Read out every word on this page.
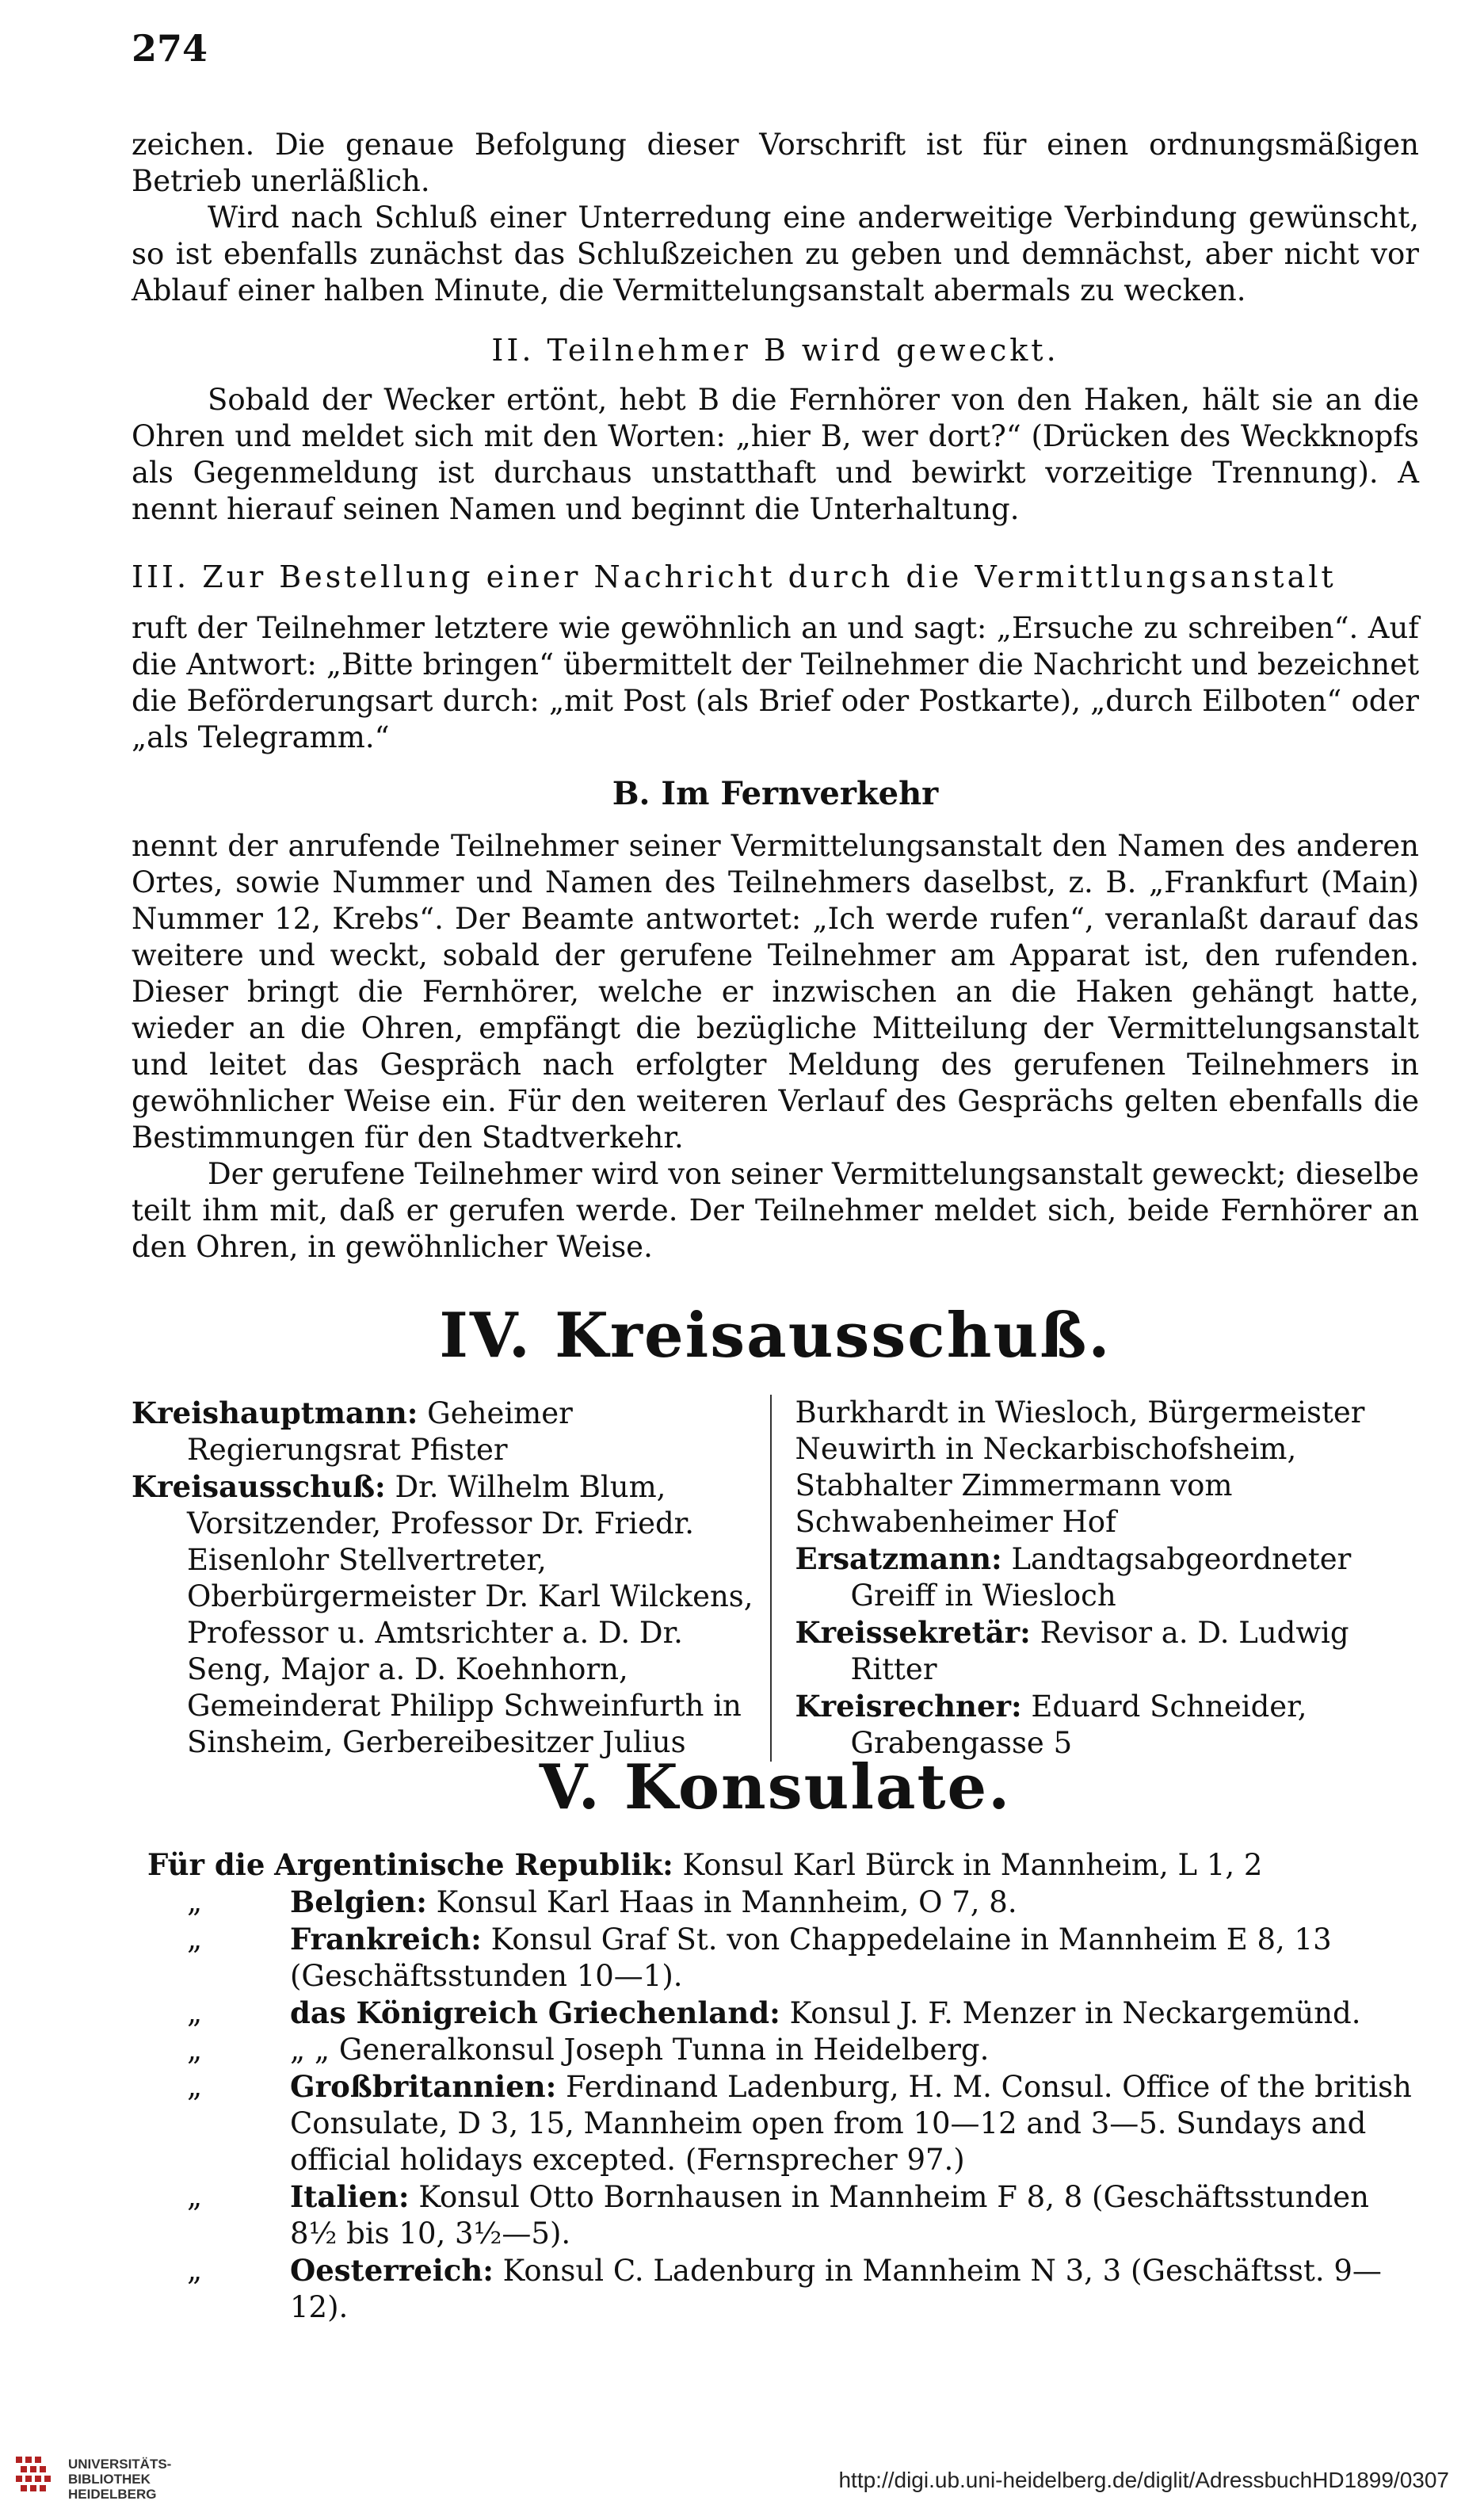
274

zeichen. Die genaue Befolgung dieser Vorschrift ist für einen ordnungsmäßigen Betrieb unerläßlich.

Wird nach Schluß einer Unterredung eine anderweitige Verbindung gewünscht, so ist ebenfalls zunächst das Schlußzeichen zu geben und demnächst, aber nicht vor Ablauf einer halben Minute, die Vermittelungsanstalt abermals zu wecken.

II. Teilnehmer B wird geweckt.

Sobald der Wecker ertönt, hebt B die Fernhörer von den Haken, hält sie an die Ohren und meldet sich mit den Worten: „hier B, wer dort?“ (Drücken des Weckknopfs als Gegenmeldung ist durchaus unstatthaft und bewirkt vorzeitige Trennung). A nennt hierauf seinen Namen und beginnt die Unterhaltung.

III. Zur Bestellung einer Nachricht durch die Vermittlungsanstalt

ruft der Teilnehmer letztere wie gewöhnlich an und sagt: „Ersuche zu schreiben“. Auf die Antwort: „Bitte bringen“ übermittelt der Teilnehmer die Nachricht und bezeichnet die Beförderungsart durch: „mit Post (als Brief oder Postkarte), „durch Eilboten“ oder „als Telegramm.“

B. Im Fernverkehr

nennt der anrufende Teilnehmer seiner Vermittelungsanstalt den Namen des anderen Ortes, sowie Nummer und Namen des Teilnehmers daselbst, z. B. „Frankfurt (Main) Nummer 12, Krebs“. Der Beamte antwortet: „Ich werde rufen“, veranlaßt darauf das weitere und weckt, sobald der gerufene Teilnehmer am Apparat ist, den rufenden. Dieser bringt die Fernhörer, welche er inzwischen an die Haken gehängt hatte, wieder an die Ohren, empfängt die bezügliche Mitteilung der Vermittelungsanstalt und leitet das Gespräch nach erfolgter Meldung des gerufenen Teilnehmers in gewöhnlicher Weise ein. Für den weiteren Verlauf des Gesprächs gelten ebenfalls die Bestimmungen für den Stadtverkehr.

Der gerufene Teilnehmer wird von seiner Vermittelungsanstalt geweckt; dieselbe teilt ihm mit, daß er gerufen werde. Der Teilnehmer meldet sich, beide Fernhörer an den Ohren, in gewöhnlicher Weise.

IV. Kreisausschuß.

Kreishauptmann: Geheimer Regierungsrat Pfister

Kreisausschuß: Dr. Wilhelm Blum, Vorsitzender, Professor Dr. Friedr. Eisenlohr Stellvertreter, Oberbürgermeister Dr. Karl Wilckens, Professor u. Amtsrichter a. D. Dr. Seng, Major a. D. Koehnhorn, Gemeinderat Philipp Schweinfurth in Sinsheim, Gerbereibesitzer Julius

Burkhardt in Wiesloch, Bürgermeister Neuwirth in Neckarbischofsheim, Stabhalter Zimmermann vom Schwabenheimer Hof

Ersatzmann: Landtagsabgeordneter Greiff in Wiesloch

Kreissekretär: Revisor a. D. Ludwig Ritter

Kreisrechner: Eduard Schneider, Grabengasse 5

V. Konsulate.

Für die Argentinische Republik: Konsul Karl Bürck in Mannheim, L 1, 2
„	Belgien: Konsul Karl Haas in Mannheim, O 7, 8.
„	Frankreich: Konsul Graf St. von Chappedelaine in Mannheim E 8, 13 (Geschäftsstunden 10—1).
„	das Königreich Griechenland: Konsul J. F. Menzer in Neckargemünd.
„	„ „ Generalkonsul Joseph Tunna in Heidelberg.
„	Großbritannien: Ferdinand Ladenburg, H. M. Consul. Office of the british Consulate, D 3, 15, Mannheim open from 10—12 and 3—5. Sundays and official holidays excepted. (Fernsprecher 97.)
„	Italien: Konsul Otto Bornhausen in Mannheim F 8, 8 (Geschäftsstunden 8½ bis 10, 3½—5).
„	Oesterreich: Konsul C. Ladenburg in Mannheim N 3, 3 (Geschäftsst. 9—12).
UNIVERSITÄTS-
BIBLIOTHEK
HEIDELBERG
http://digi.ub.uni-heidelberg.de/diglit/AdressbuchHD1899/0307
